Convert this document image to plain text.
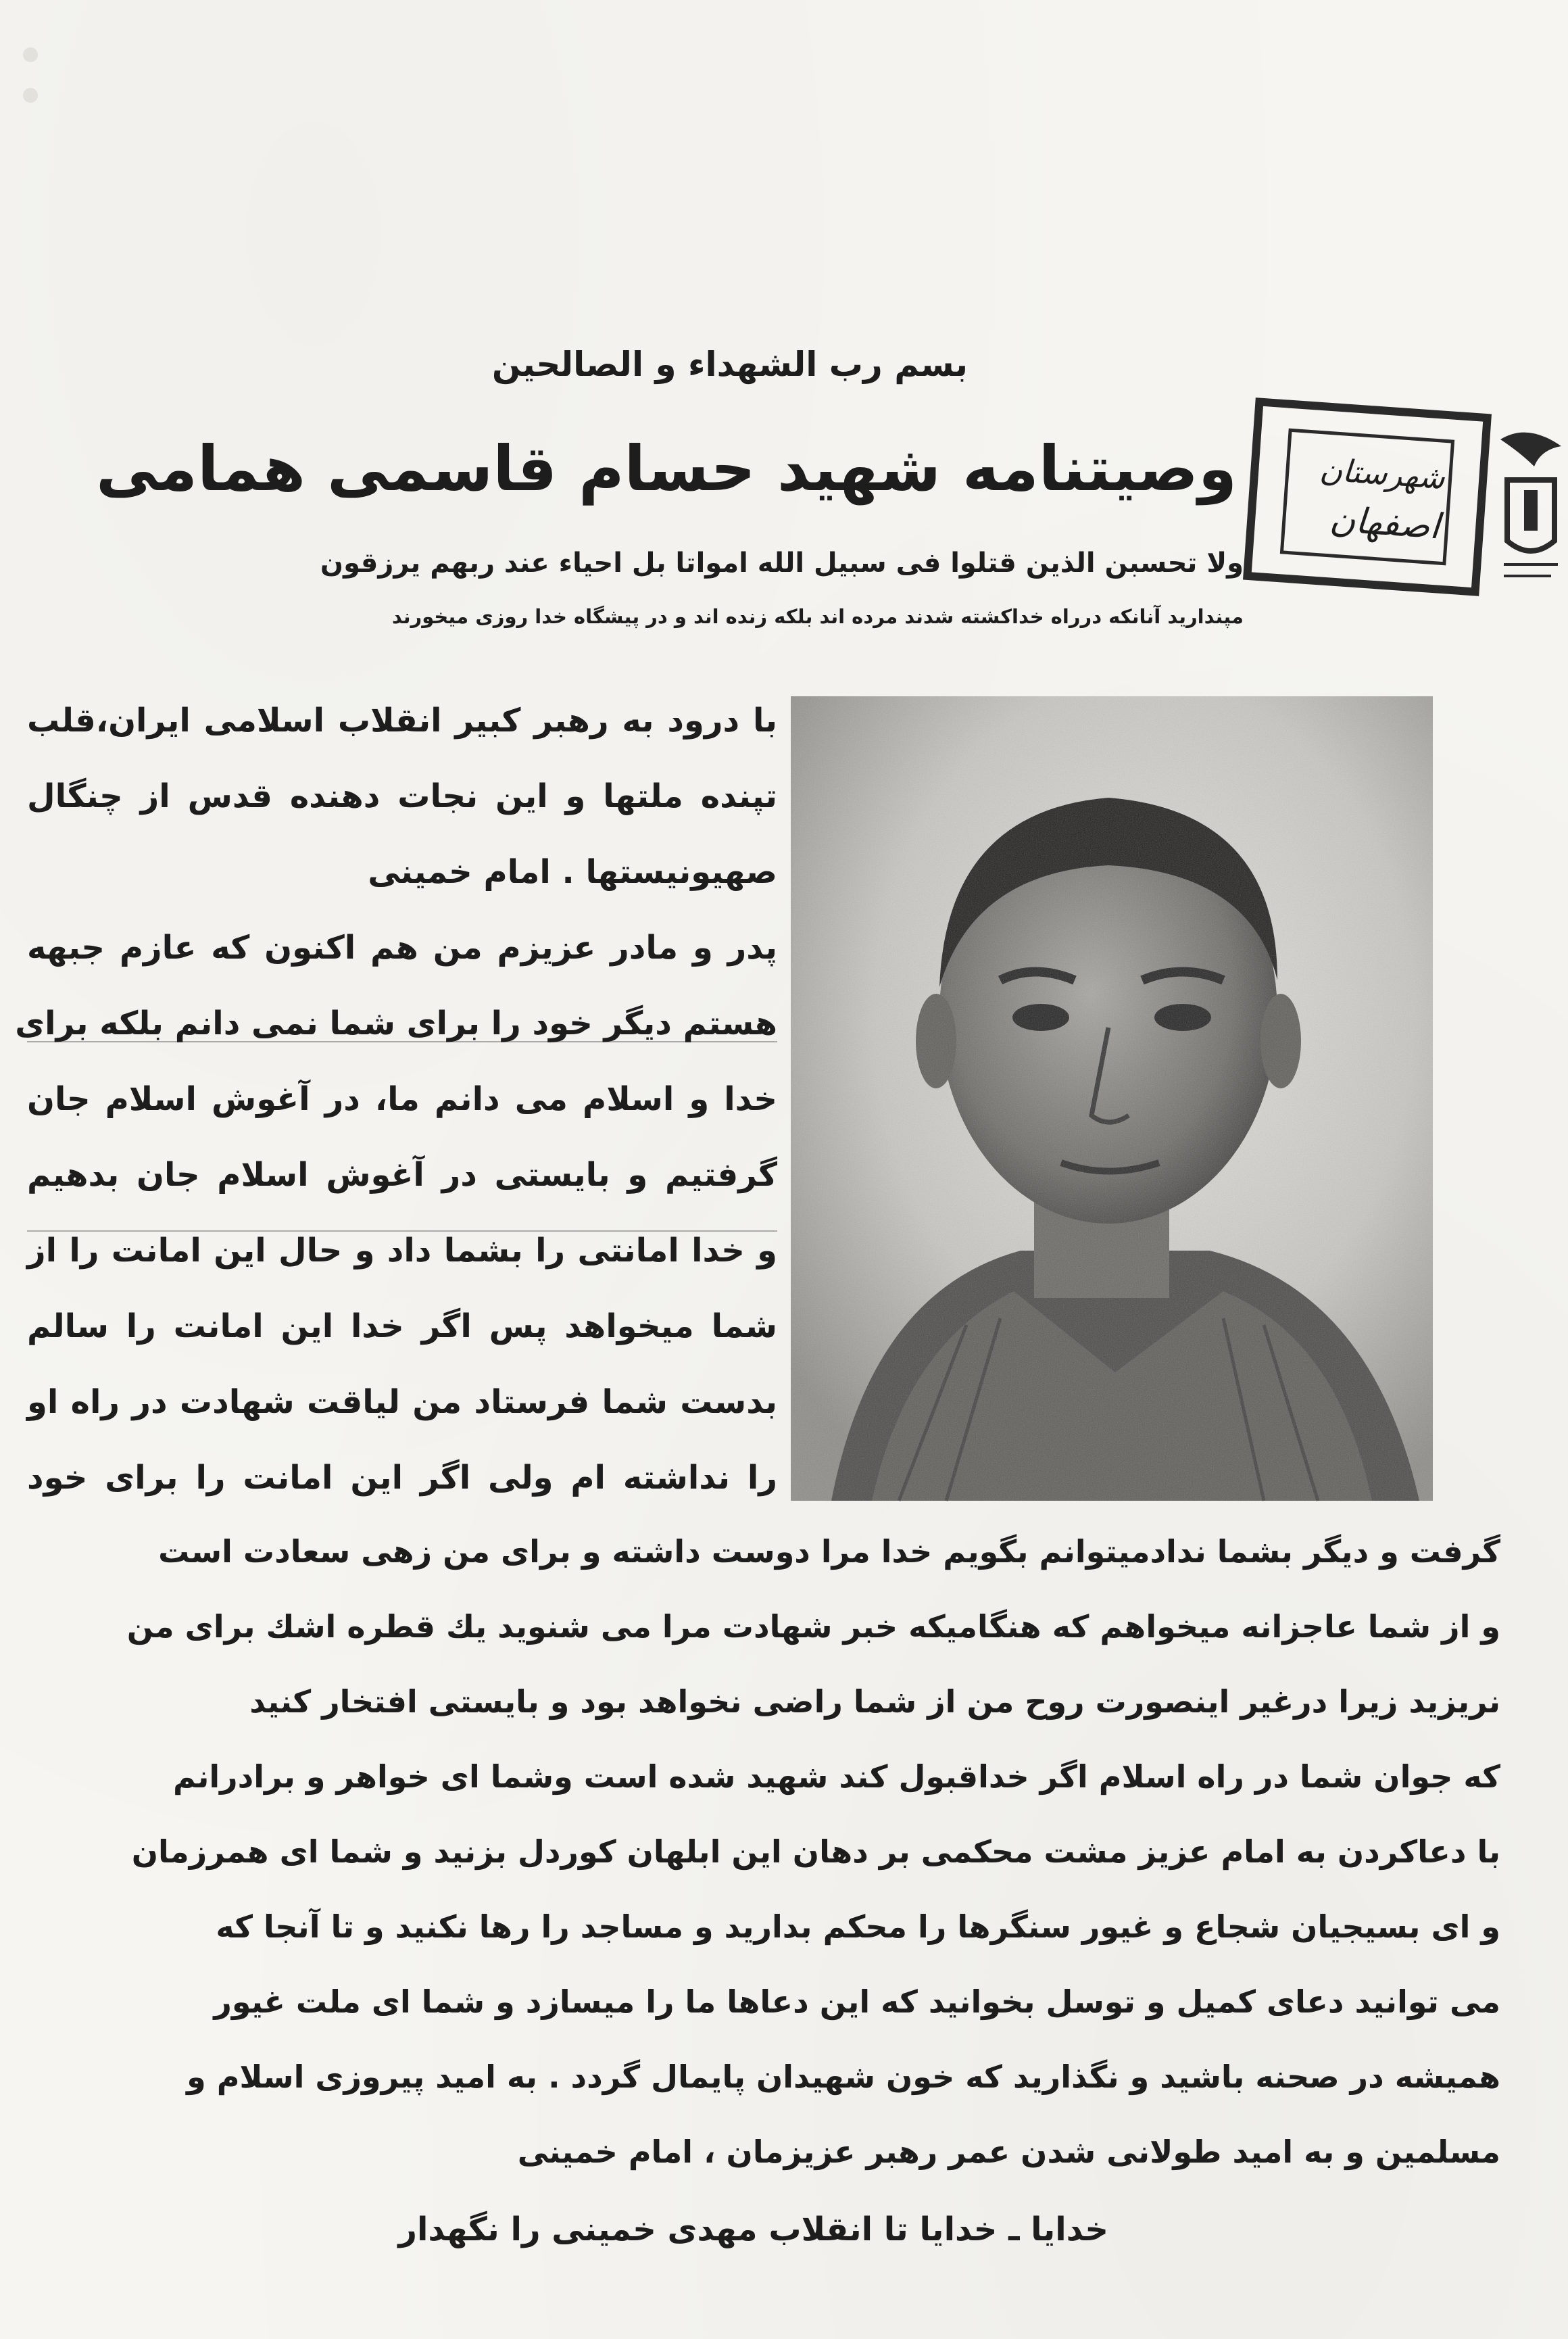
بسم رب الشهداء و الصالحين
وصیتنامه شهید حسام قاسمی همامی
ولا تحسبن الذين قتلوا فی سبيل الله امواتا بل احياء عند ربهم يرزقون
مپندارید آنانکه درراه خداکشته شدند مرده اند بلکه زنده اند و در پیشگاه خدا روزی میخورند
شهرستان
اصفهان
با درود به رهبر کبیر انقلاب اسلامی ایران،قلب
تپنده ملتها و این نجات دهنده قدس از چنگال
صهیونیستها . امام خمینی
پدر و مادر عزیزم من هم اکنون که عازم جبهه
هستم دیگر خود را برای شما نمی دانم بلکه برای
خدا و اسلام می دانم ما، در آغوش اسلام جان
گرفتیم و بایستی در آغوش اسلام جان بدهیم
و خدا امانتی را بشما داد و حال این امانت را از
شما میخواهد پس اگر خدا این امانت را سالم
بدست شما فرستاد من لیاقت شهادت در راه او
را نداشته ام ولی اگر این امانت را برای خود
گرفت و دیگر بشما ندادمیتوانم بگویم خدا مرا دوست داشته و برای من زهی سعادت است
و از شما عاجزانه میخواهم که هنگامیکه خبر شهادت مرا می شنوید یك قطره اشك برای من
نریزید زیرا درغیر اینصورت روح من از شما راضی نخواهد بود و بایستی افتخار کنید
که جوان شما در راه اسلام اگر خداقبول کند شهید شده است وشما ای خواهر و برادرانم
با دعاکردن به امام عزیز مشت محکمی بر دهان این ابلهان کوردل بزنید و شما ای همرزمان
و ای بسیجیان شجاع و غیور سنگرها را محکم بدارید و مساجد را رها نکنید و تا آنجا که
می توانید دعای کمیل و توسل بخوانید که این دعاها ما را میسازد و شما ای ملت غیور
همیشه در صحنه باشید و نگذارید که خون شهیدان پایمال گردد . به امید پیروزی اسلام و
مسلمین و به امید طولانی شدن عمر رهبر عزیزمان ، امام خمینی
خدایا ـ خدایا تا انقلاب مهدی خمینی را نگهدار
